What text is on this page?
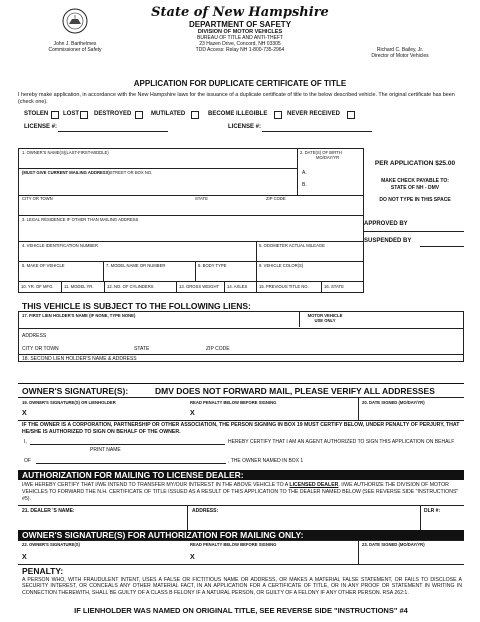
John J. Barthelmes
Commissioner of Safety
State of New Hampshire
DEPARTMENT OF SAFETY
DIVISION OF MOTOR VEHICLES
BUREAU OF TITLE AND ANTI-THEFT
23 Hazen Drive, Concord, NH 03305
TDD Access: Relay NH 1-800-735-2964	Richard C. Bailey, Jr.
Director of Motor Vehicles
APPLICATION FOR DUPLICATE CERTIFICATE OF TITLE
I hereby make application, in accordance with the New Hampshire laws for the issuance of a duplicate certificate of title to the below described vehicle. The original certificate has been (check one).
STOLEN LOST	DESTROYED	MUTILATED	BECOME ILLEGIBLE	NEVER RECEIVED
LICENSE #:	LICENSE #:
1. OWNER'S NAME(S)(LAST-FIRST-MIDDLE)	2. DATE(S) OF BIRTH
MO/DAY/YR
A.
B.
(MUST GIVE CURRENT MAILING ADDRESS)STREET OR BOX NO.
CITY OR TOWN	STATE	ZIP CODE
3. LEGAL RESIDENCE IF OTHER THAN MAILING ADDRESS
4. VEHICLE IDENTIFICATION NUMBER	5. ODOMETER ACTUAL MILEAGE
6. MAKE OF VEHICLE	7. MODEL NAME OR NUMBER	8. BODY TYPE	9. VEHICLE COLOR(S)
10. YR. OF MFG.	11. MODEL YR.	12. NO. OF CYLINDERS	13. GROSS WEIGHT 14. AXLES	15. PREVIOUS TITLE NO.	16. STATE
PER APPLICATION $25.00
MAKE CHECK PAYABLE TO:
STATE OF NH - DMV
DO NOT TYPE IN THIS SPACE
APPROVED BY
SUSPENDED BY
THIS VEHICLE IS SUBJECT TO THE FOLLOWING LIENS:
17. FIRST LIEN HOLDER'S NAME (IF NONE, TYPE NONE)	MOTOR VEHICLE
USE ONLY
ADDRESS
CITY OR TOWN	STATE	ZIP CODE
18. SECOND LIEN HOLDER'S NAME & ADDRESS
OWNER'S SIGNATURE(S):	DMV DOES NOT FORWARD MAIL, PLEASE VERIFY ALL ADDRESSES
19. OWNER'S SIGNATURE(S) OR LIENHOLDER	READ PENALTY BELOW BEFORE SIGNING	20. DATE SIGNED (MO/DAY/YR)
X	X
IF THE OWNER IS A CORPORATION, PARTNERSHIP OR OTHER ASSOCIATION, THE PERSON SIGNING IN BOX 19 MUST CERTIFY BELOW, UNDER PENALTY OF PERJURY, THAT HE/SHE IS AUTHORIZED TO SIGN ON BEHALF OF THE OWNER.
I,	HEREBY CERTIFY THAT I AM AN AGENT AUTHORIZED TO SIGN THIS APPLICATION ON BEHALF
PRINT NAME
OF	, THE OWNER NAMED IN BOX 1
AUTHORIZATION FOR MAILING TO LICENSE DEALER:
I/WE HEREBY CERTIFY THAT I/WE INTEND TO TRANSFER MY/OUR INTEREST IN THE ABOVE VEHICLE TO A LICENSED DEALER. I/WE AUTHORIZE THE DIVISION OF MOTOR VEHICLES TO FORWARD THE N.H. CERTIFICATE OF TITLE ISSUED AS A RESULT OF THIS APPLICATION TO THE DEALER NAMED BELOW (SEE REVERSE SIDE "INSTRUCTIONS" #5).
21. DEALER 'S NAME:	ADDRESS:	DLR #:
OWNER'S SIGNATURE(S) FOR AUTHORIZATION FOR MAILING ONLY:
22. OWNER'S SIGNATURE(S)	READ PENALTY BELOW BEFORE SIGNING	23. DATE SIGNED (MO/DAY/YR)
X	X
PENALTY:
A PERSON WHO, WITH FRAUDULENT INTENT, USES A FALSE OR FICTITIOUS NAME OR ADDRESS, OR MAKES A MATERIAL FALSE STATEMENT, OR FAILS TO DISCLOSE A SECURITY INTEREST, OR CONCEALS ANY OTHER MATERIAL FACT, IN AN APPLICATION FOR A CERTIFICATE OF TITLE, OR IN ANY PROOF OR STATEMENT IN WRITING IN CONNECTION THEREWITH, SHALL BE GUILTY OF A CLASS B FELONY IF A NATURAL PERSON, OR GUILTY OF A FELONY IF ANY OTHER PERSON. RSA 262:1.
IF LIENHOLDER WAS NAMED ON ORIGINAL TITLE, SEE REVERSE SIDE "INSTRUCTIONS" #4
